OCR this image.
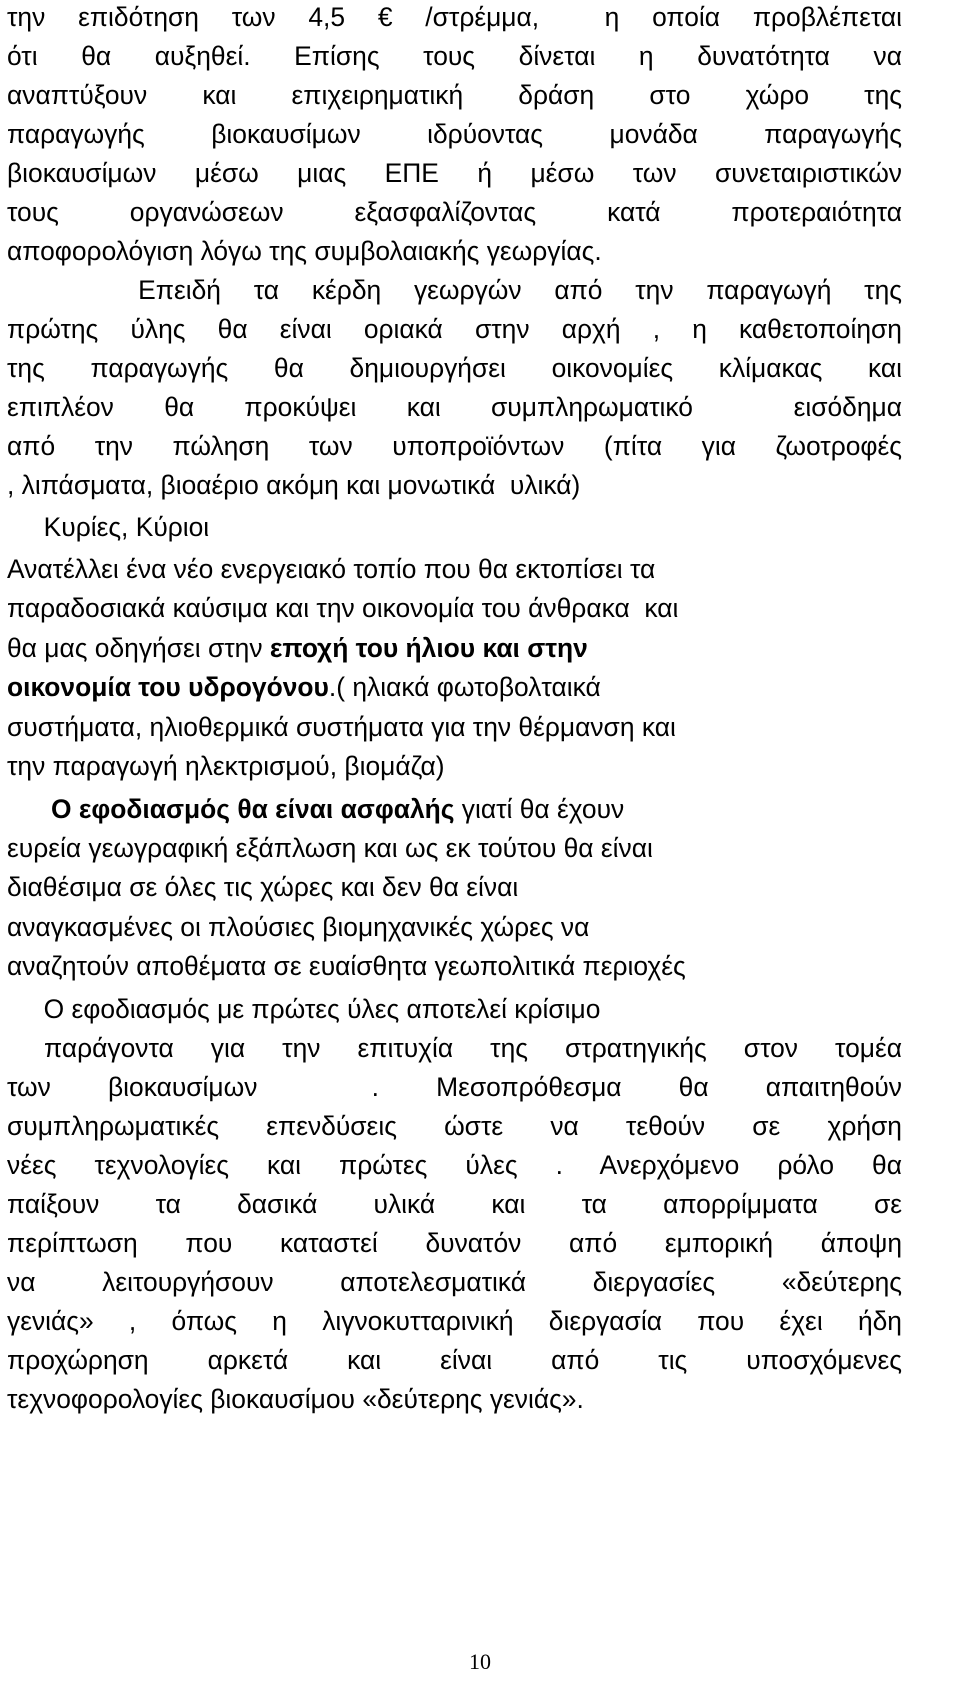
την επιδότηση των 4,5 € /στρέμμα,  η οποία προβλέπεται
ότι θα αυξηθεί. Επίσης τους δίνεται η δυνατότητα να
αναπτύξουν και επιχειρηματική δράση στο χώρο της
παραγωγής βιοκαυσίμων ιδρύοντας μονάδα παραγωγής
βιοκαυσίμων μέσω μιας ΕΠΕ ή μέσω των συνεταιριστικών
τους οργανώσεων εξασφαλίζοντας κατά προτεραιότητα
αποφορολόγιση λόγω της συμβολαιακής γεωργίας.
Επειδή τα κέρδη γεωργών από την παραγωγή της
πρώτης ύλης θα είναι οριακά στην αρχή , η καθετοποίηση
της παραγωγής θα δημιουργήσει οικονομίες κλίμακας και
επιπλέον θα προκύψει και συμπληρωματικό  εισόδημα
από την πώληση των υποπροϊόντων (πίτα για ζωοτροφές
, λιπάσματα, βιοαέριο ακόμη και μονωτικά  υλικά)
Κυρίες, Κύριοι
Ανατέλλει ένα νέο ενεργειακό τοπίο που θα εκτοπίσει τα
παραδοσιακά καύσιμα και την οικονομία του άνθρακα  και
θα μας οδηγήσει στην εποχή του ήλιου και στην
οικονομία του υδρογόνου.( ηλιακά φωτοβολταικά
συστήματα, ηλιοθερμικά συστήματα για την θέρμανση και
την παραγωγή ηλεκτρισμού, βιομάζα)
Ο εφοδιασμός θα είναι ασφαλής γιατί θα έχουν
ευρεία γεωγραφική εξάπλωση και ως εκ τούτου θα είναι
διαθέσιμα σε όλες τις χώρες και δεν θα είναι
αναγκασμένες οι πλούσιες βιομηχανικές χώρες να
αναζητούν αποθέματα σε ευαίσθητα γεωπολιτικά περιοχές
Ο εφοδιασμός με πρώτες ύλες αποτελεί κρίσιμο
παράγοντα για την επιτυχία της στρατηγικής στον τομέα
των βιοκαυσίμων  . Μεσοπρόθεσμα θα απαιτηθούν
συμπληρωματικές επενδύσεις ώστε να τεθούν σε χρήση
νέες τεχνολογίες και πρώτες ύλες . Ανερχόμενο ρόλο θα
παίξουν τα δασικά υλικά και τα απορρίμματα σε
περίπτωση που καταστεί δυνατόν από εμπορική άποψη
να λειτουργήσουν αποτελεσματικά διεργασίες «δεύτερης
γενιάς» , όπως η λιγνοκυτταρινική διεργασία που έχει ήδη
προχώρηση αρκετά και είναι από τις υποσχόμενες
τεχνοφορολογίες βιοκαυσίμου «δεύτερης γενιάς».
10
